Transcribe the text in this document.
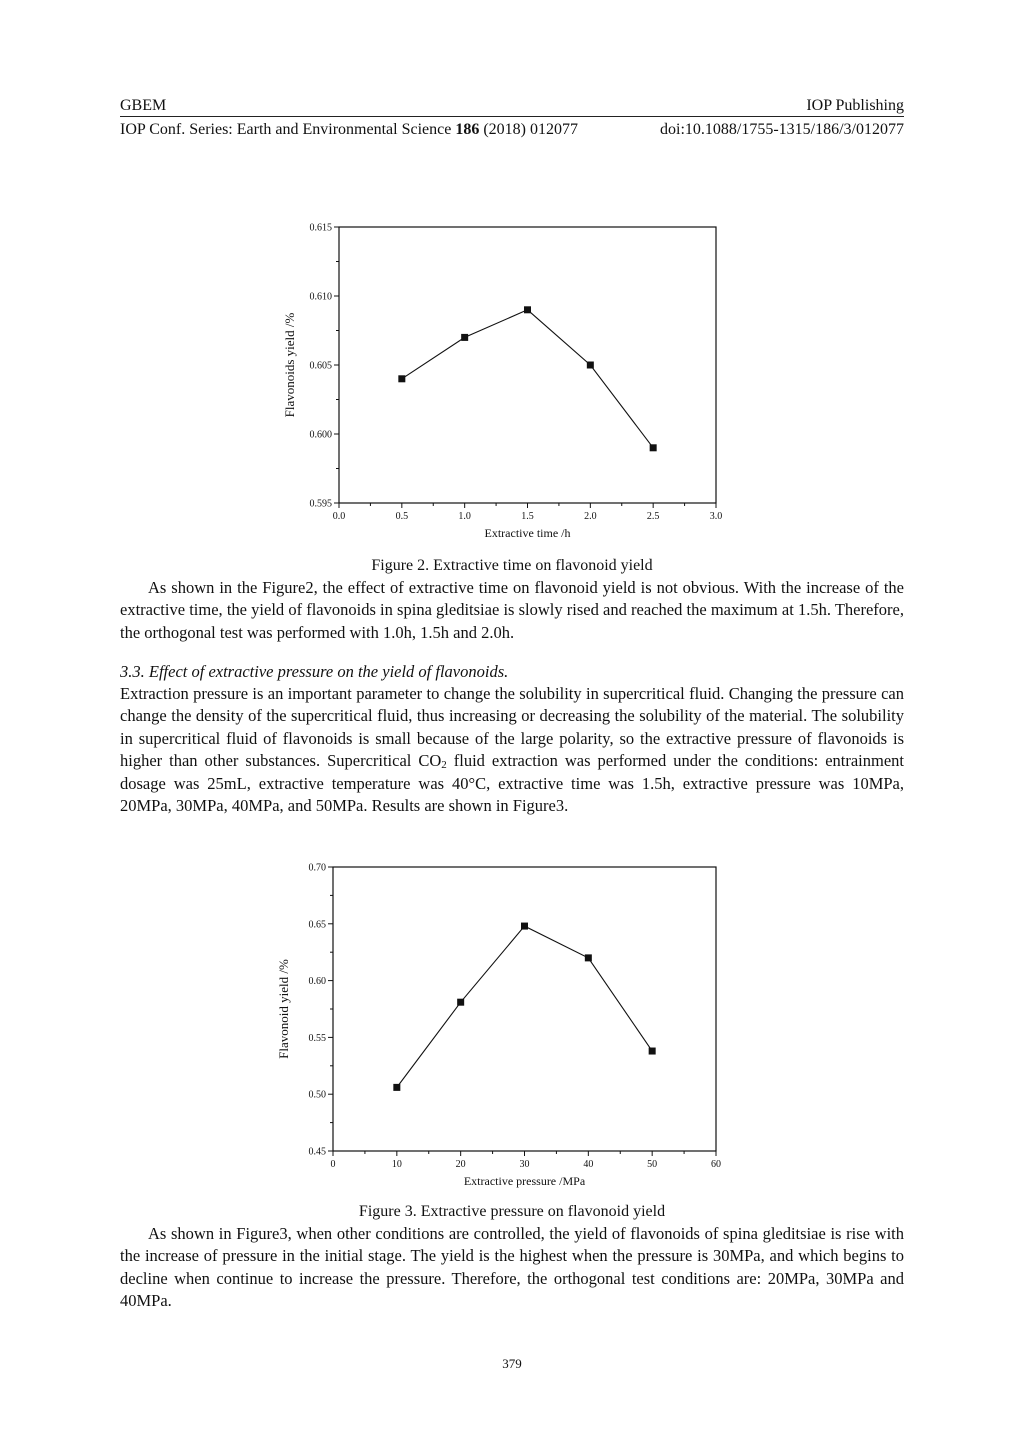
GBEM	IOP Publishing
IOP Conf. Series: Earth and Environmental Science 186 (2018) 012077	doi:10.1088/1755-1315/186/3/012077
0.0	0.5	1.0	1.5	2.0	2.5	3.0
0.595
0.600
0.605
0.610
0.615
Extractive time /h
Flavonoids yield /%
Figure 2. Extractive time on flavonoid yield

As shown in the Figure2, the effect of extractive time on flavonoid yield is not obvious. With the increase of the extractive time, the yield of flavonoids in spina gleditsiae is slowly rised and reached the maximum at 1.5h. Therefore, the orthogonal test was performed with 1.0h, 1.5h and 2.0h.

3.3. Effect of extractive pressure on the yield of flavonoids.

Extraction pressure is an important parameter to change the solubility in supercritical fluid. Changing the pressure can change the density of the supercritical fluid, thus increasing or decreasing the solubility of the material. The solubility in supercritical fluid of flavonoids is small because of the large polarity, so the extractive pressure of flavonoids is higher than other substances. Supercritical $CO_2$ fluid extraction was performed under the conditions: entrainment dosage was 25mL, extractive temperature was 40°C, extractive time was 1.5h, extractive pressure was 10MPa, 20MPa, 30MPa, 40MPa, and 50MPa. Results are shown in Figure3.

0	10	20	30	40	50	60
0.45
0.50
0.55
0.60
0.65
0.70
Extractive pressure /MPa
Flavonoid yield /%
Figure 3. Extractive pressure on flavonoid yield

As shown in Figure3, when other conditions are controlled, the yield of flavonoids of spina gleditsiae is rise with the increase of pressure in the initial stage. The yield is the highest when the pressure is 30MPa, and which begins to decline when continue to increase the pressure. Therefore, the orthogonal test conditions are: 20MPa, 30MPa and 40MPa.

379
